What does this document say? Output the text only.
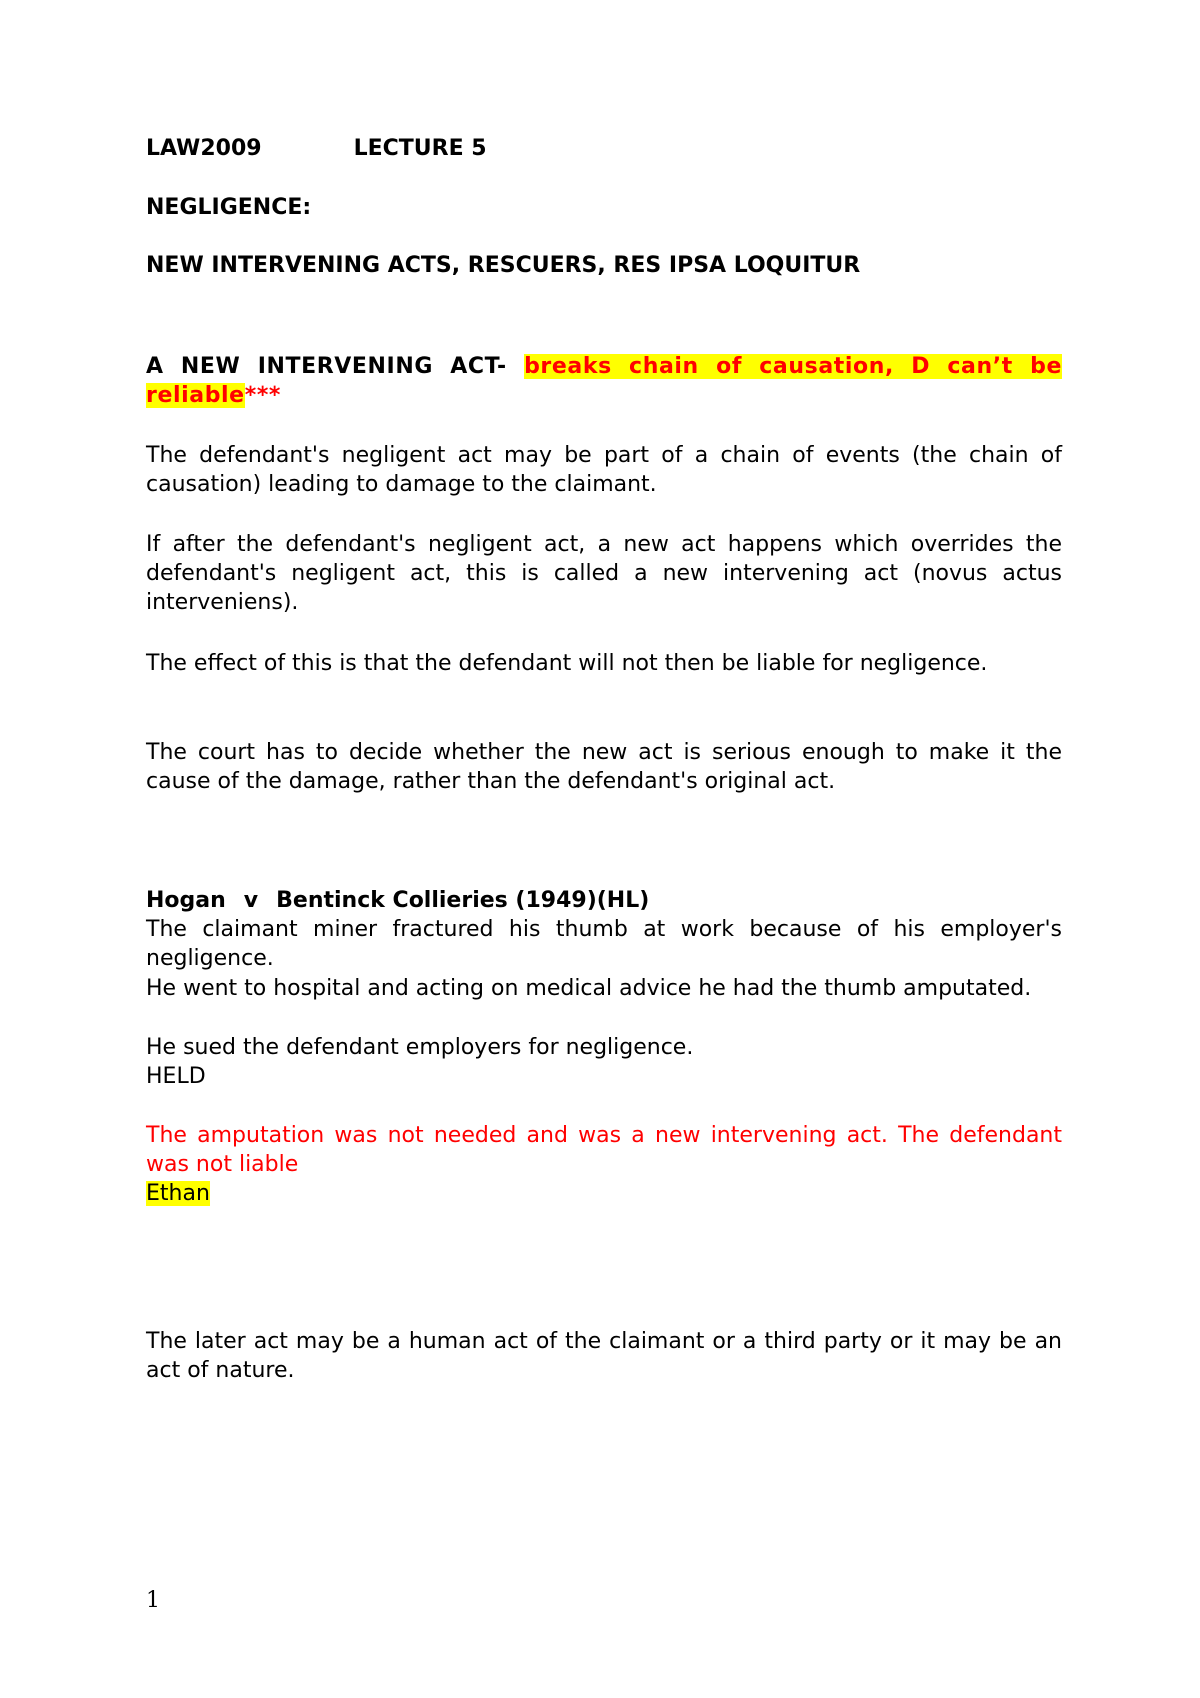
LAW2009	LECTURE 5
NEGLIGENCE:
NEW INTERVENING ACTS, RESCUERS, RES IPSA LOQUITUR
A NEW INTERVENING ACT- breaks chain of causation, D can’t be reliable***
The defendant's negligent act may be part of a chain of events (the chain of causation) leading to damage to the claimant.
If after the defendant's negligent act, a new act happens which overrides the defendant's negligent act, this is called a new intervening act (novus actus interveniens).
The effect of this is that the defendant will not then be liable for negligence.
The court has to decide whether the new act is serious enough to make it the cause of the damage, rather than the defendant's original act.
Hogan v Bentinck Collieries (1949)(HL)
The claimant miner fractured his thumb at work because of his employer's negligence.
He went to hospital and acting on medical advice he had the thumb amputated.
He sued the defendant employers for negligence.
HELD
The amputation was not needed and was a new intervening act. The defendant was not liable
Ethan
The later act may be a human act of the claimant or a third party or it may be an act of nature.
1
